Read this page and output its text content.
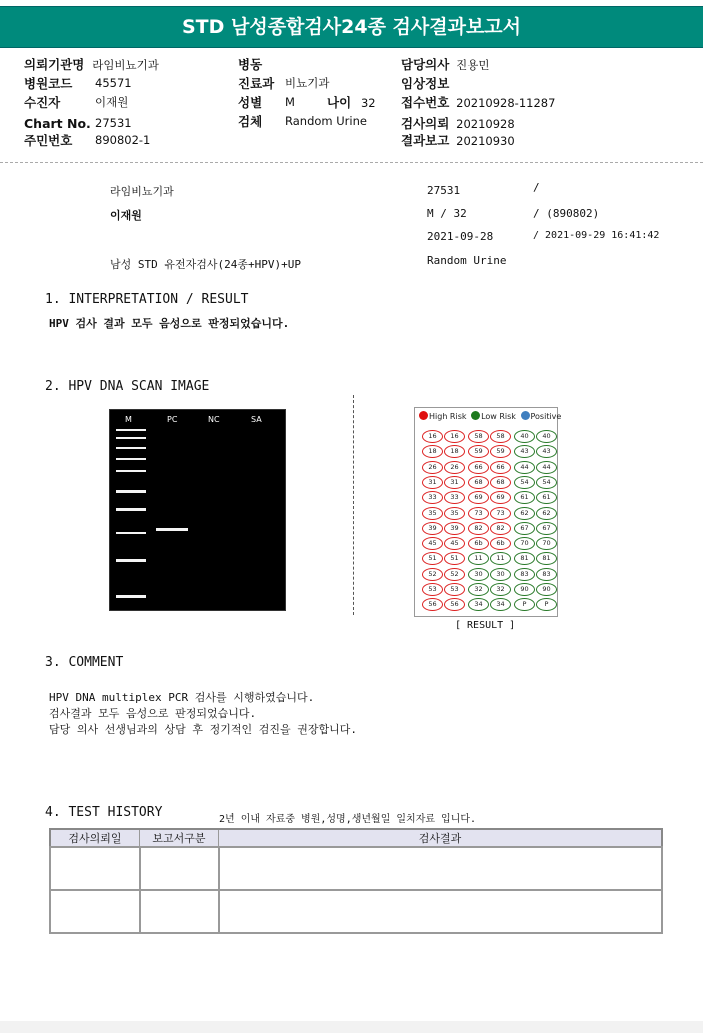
STD 남성종합검사24종 검사결과보고서
의뢰기관명 라임비뇨기과
병원코드 45571
수진자	이재원
Chart No. 27531
주민번호 890802-1
병동
진료과 비뇨기과
성별 M	나이 32
검체 Random Urine
담당의사 진용민
임상정보
접수번호 20210928-11287
검사의뢰 20210928
결과보고 20210930
라임비뇨기과
이재원
남성 STD 유전자검사(24종+HPV)+UP
27531	/
M / 32	/ (890802)
2021-09-28	/ 2021-09-29 16:41:42
Random Urine
1. INTERPRETATION / RESULT
HPV 검사 결과 모두 음성으로 판정되었습니다.
2. HPV DNA SCAN IMAGE
M	PC	NC	SA	High Risk Low Risk Positive
16	16	58	58	40	40
18	18	59	59	43	43
26	26	66	66	44	44
31	31	68	68	54	54
33	33	69	69	61	61
35	35	73	73	62	62
39	39	82	82	67	67
45	45	6b	6b	70	70
51	51	11	11	81	81
52	52	30	30	83	83
53	53	32	32	90	90
56	56	34	34	P	P
[ RESULT ]
3. COMMENT
HPV DNA multiplex PCR 검사를 시행하였습니다.
검사결과 모두 음성으로 판정되었습니다.
담당 의사 선생님과의 상담 후 정기적인 검진을 권장합니다.
4. TEST HISTORY	2년 이내 자료중 병원,성명,생년월일 일치자료 입니다.
검사의뢰일	보고서구분	검사결과
